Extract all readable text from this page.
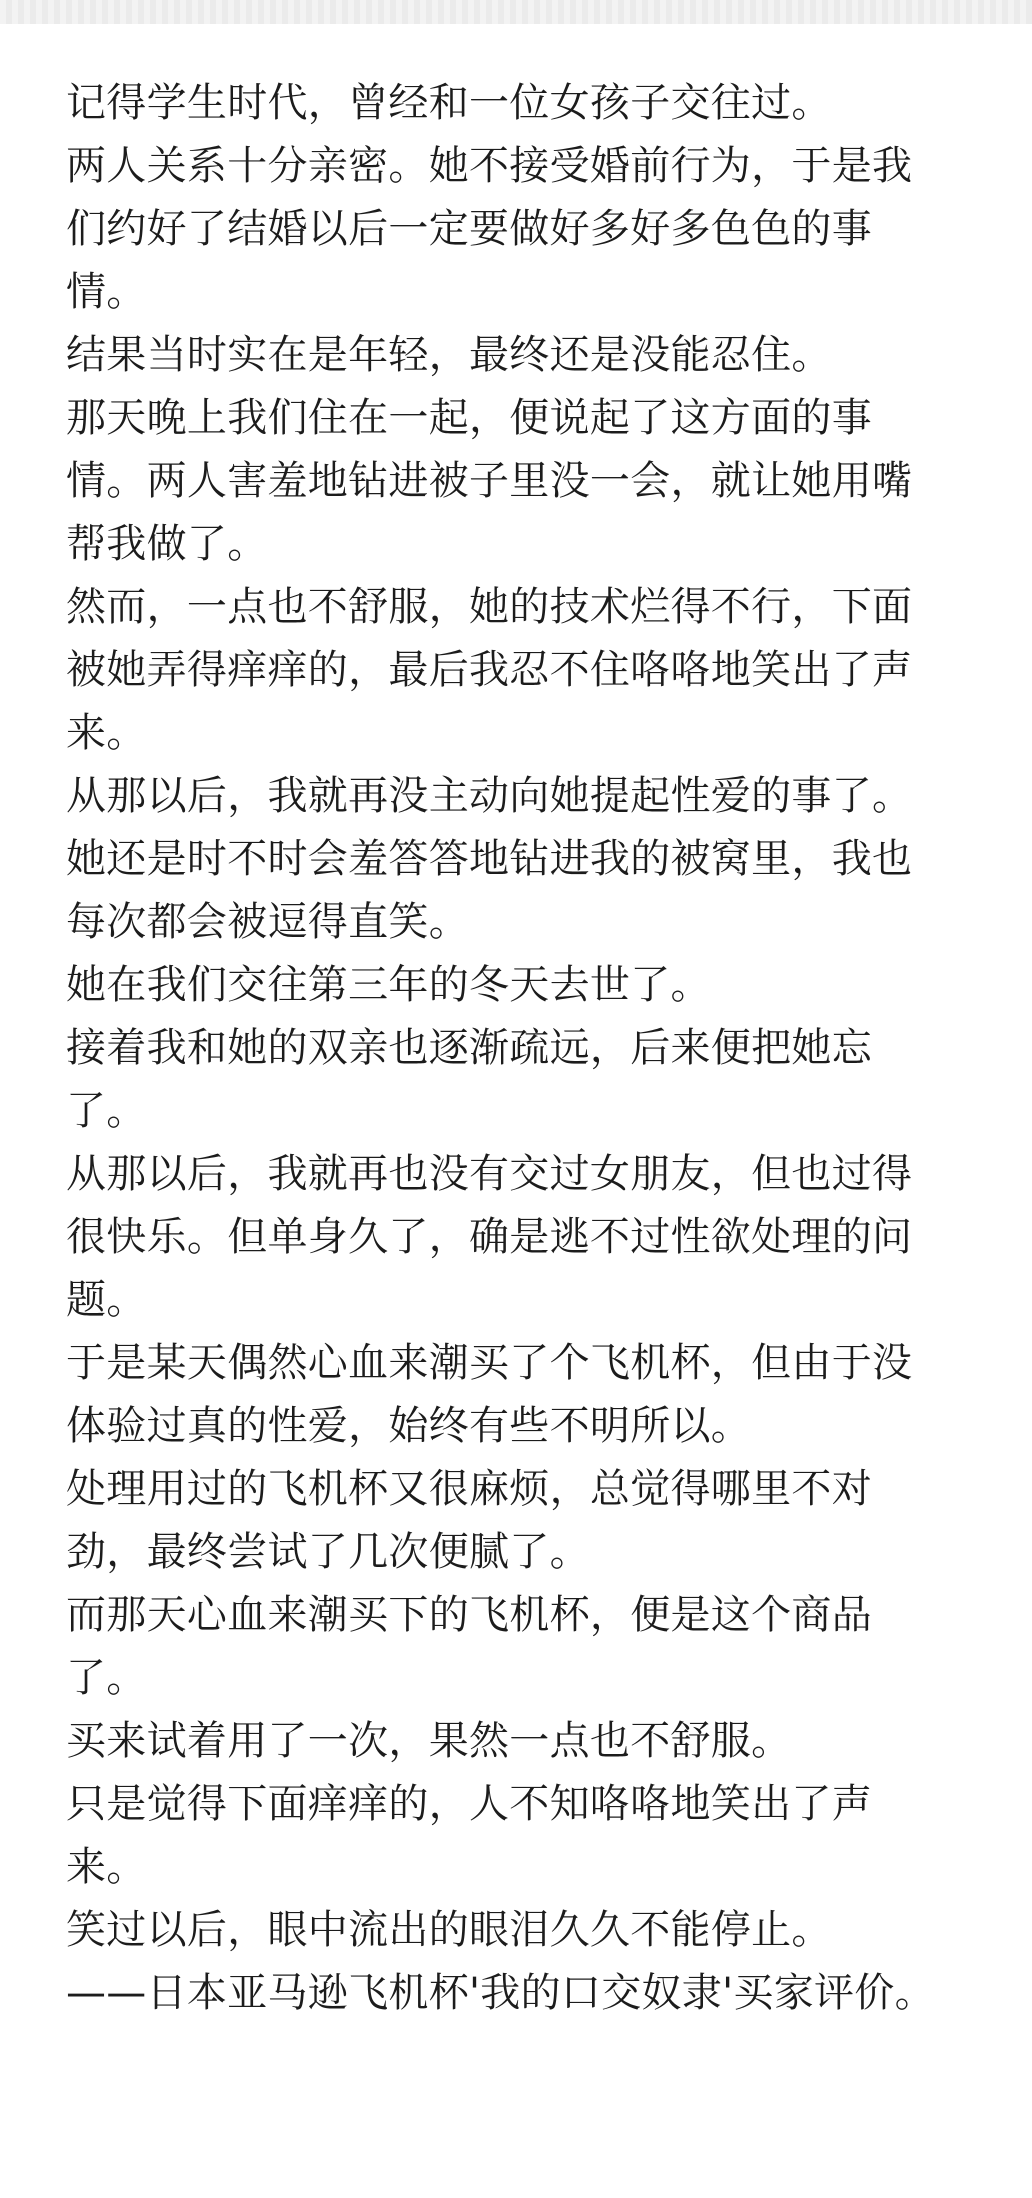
记得学生时代，曾经和一位女孩子交往过。
两人关系十分亲密。她不接受婚前行为，于是我
们约好了结婚以后一定要做好多好多色色的事
情。
结果当时实在是年轻，最终还是没能忍住。
那天晚上我们住在一起，便说起了这方面的事
情。两人害羞地钻进被子里没一会，就让她用嘴
帮我做了。
然而，一点也不舒服，她的技术烂得不行，下面
被她弄得痒痒的，最后我忍不住咯咯地笑出了声
来。
从那以后，我就再没主动向她提起性爱的事了。
她还是时不时会羞答答地钻进我的被窝里，我也
每次都会被逗得直笑。
她在我们交往第三年的冬天去世了。
接着我和她的双亲也逐渐疏远，后来便把她忘
了。
从那以后，我就再也没有交过女朋友，但也过得
很快乐。但单身久了，确是逃不过性欲处理的问
题。
于是某天偶然心血来潮买了个飞机杯，但由于没
体验过真的性爱，始终有些不明所以。
处理用过的飞机杯又很麻烦，总觉得哪里不对
劲，最终尝试了几次便腻了。
而那天心血来潮买下的飞机杯，便是这个商品
了。
买来试着用了一次，果然一点也不舒服。
只是觉得下面痒痒的，人不知咯咯地笑出了声
来。
笑过以后，眼中流出的眼泪久久不能停止。
——日本亚马逊飞机杯'我的口交奴隶'买家评价。
